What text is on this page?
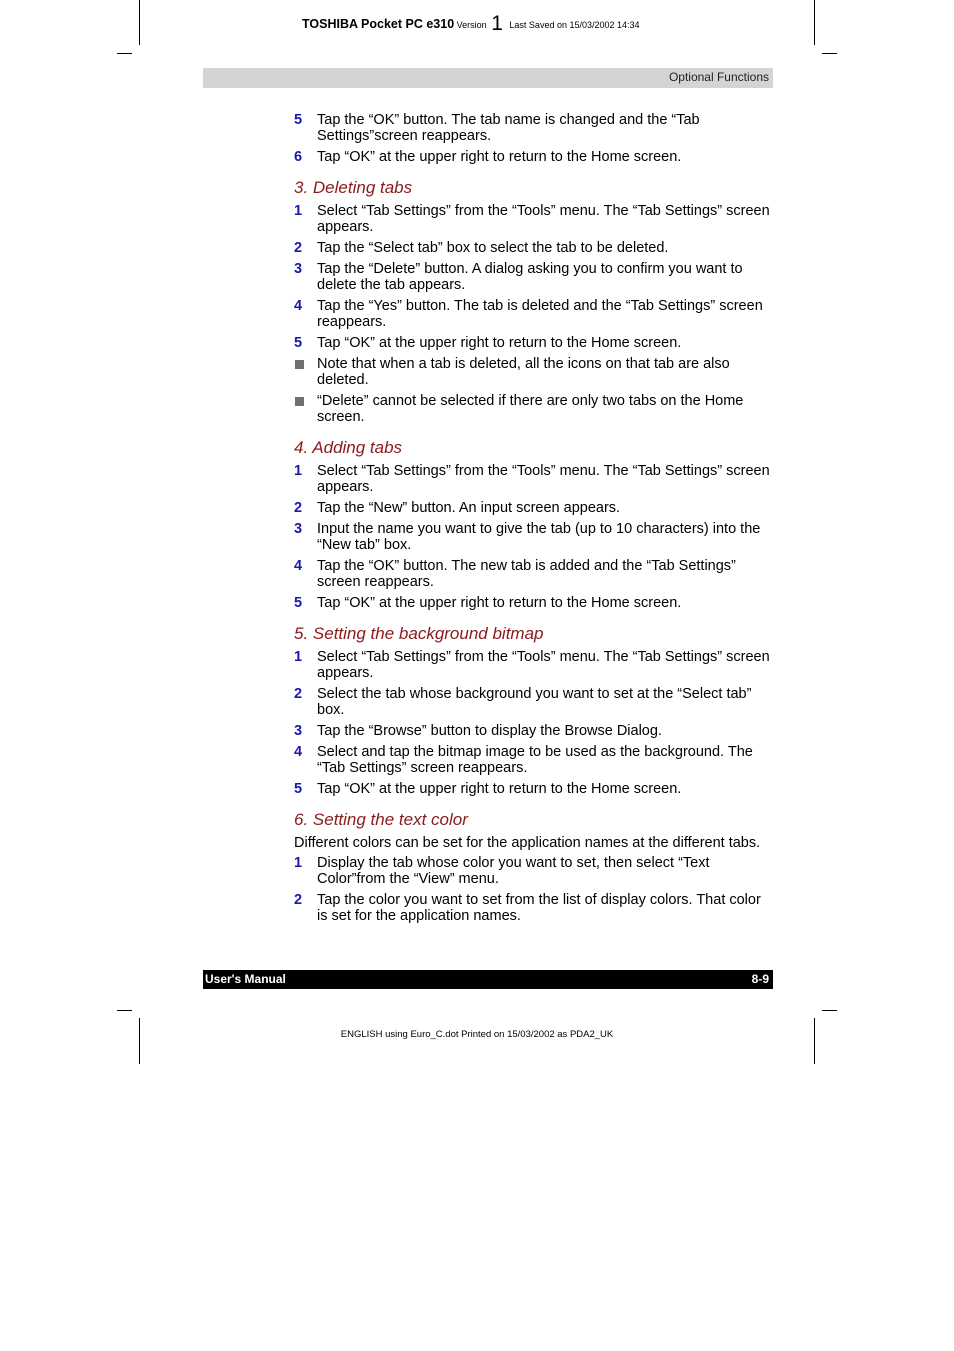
TOSHIBA Pocket PC e310 Version 1 Last Saved on 15/03/2002 14:34
Optional Functions
5 Tap the “OK” button. The tab name is changed and the “Tab Settings”screen reappears.
6 Tap “OK” at the upper right to return to the Home screen.
3. Deleting tabs
1 Select “Tab Settings” from the “Tools” menu. The “Tab Settings” screen appears.
2 Tap the “Select tab” box to select the tab to be deleted.
3 Tap the “Delete” button. A dialog asking you to confirm you want to delete the tab appears.
4 Tap the “Yes” button. The tab is deleted and the “Tab Settings” screen reappears.
5 Tap “OK” at the upper right to return to the Home screen.
Note that when a tab is deleted, all the icons on that tab are also deleted.
“Delete” cannot be selected if there are only two tabs on the Home screen.
4. Adding tabs
1 Select “Tab Settings” from the “Tools” menu. The “Tab Settings” screen appears.
2 Tap the “New” button. An input screen appears.
3 Input the name you want to give the tab (up to 10 characters) into the “New tab” box.
4 Tap the “OK” button. The new tab is added and the “Tab Settings” screen reappears.
5 Tap “OK” at the upper right to return to the Home screen.
5. Setting the background bitmap
1 Select “Tab Settings” from the “Tools” menu. The “Tab Settings” screen appears.
2 Select the tab whose background you want to set at the “Select tab” box.
3 Tap the “Browse” button to display the Browse Dialog.
4 Select and tap the bitmap image to be used as the background. The “Tab Settings” screen reappears.
5 Tap “OK” at the upper right to return to the Home screen.
6. Setting the text color
Different colors can be set for the application names at the different tabs.
1 Display the tab whose color you want to set, then select “Text Color”from the “View” menu.
2 Tap the color you want to set from the list of display colors. That color is set for the application names.
User's Manual	8-9
ENGLISH using Euro_C.dot Printed on 15/03/2002 as PDA2_UK
